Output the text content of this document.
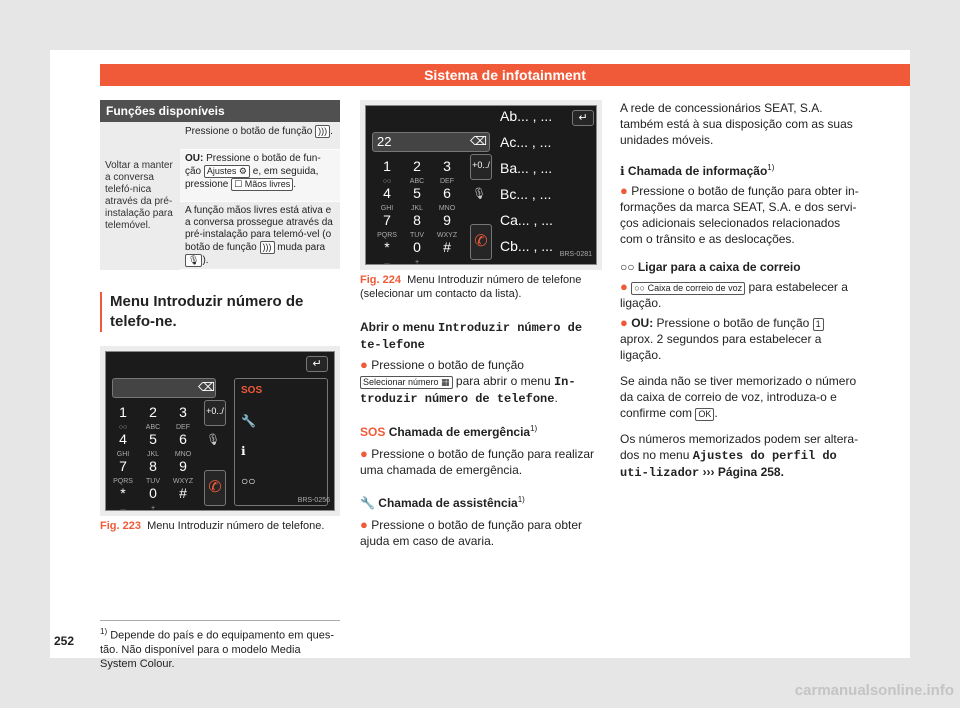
Sistema de infotainment
Funções disponíveis
Voltar a manter a conversa telefó-nica através da pré-instalação para telemóvel.
Pressione o botão de função ))) .
OU: Pressione o botão de fun-ção Ajustes ⚙ e, em seguida, pressione ☐ Mãos livres .
A função mãos livres está ativa e a conversa prossegue através da pré-instalação para telemó-vel (o botão de função ))) muda para 🎙 ).
Menu Introduzir número de telefo-ne.
↵
⌫
+0../
✆
🎙
SOS
🔧
ℹ
○○
BRS-0256
1
○○
2
ABC
3
DEF
4
GHI
5
JKL
6
MNO
7
PQRS
8
TUV
9
WXYZ
*
...
0
+
#
Fig. 223 Menu Introduzir número de telefone.
↵
22	⌫
+0../
✆
🎙
Ab... , ...
Ac... , ...
Ba... , ...
Bc... , ...
Ca... , ...
Cb... , ...
BRS-0281
1
○○
2
ABC
3
DEF
4
GHI
5
JKL
6
MNO
7
PQRS
8
TUV
9
WXYZ
*
...
0
+
#
Fig. 224 Menu Introduzir número de telefone (selecionar um contacto da lista).
Abrir o menu Introduzir número de te-lefone
● Pressione o botão de função Selecionar número ▦ para abrir o menu In-troduzir número de telefone.
SOS Chamada de emergência$^{1)}$
● Pressione o botão de função para realizar uma chamada de emergência.
🔧 Chamada de assistência$^{1)}$
● Pressione o botão de função para obter ajuda em caso de avaria.
A rede de concessionários SEAT, S.A. também está à sua disposição com as suas unidades móveis.
ℹ Chamada de informação$^{1)}$
● Pressione o botão de função para obter in-formações da marca SEAT, S.A. e dos servi-ços adicionais selecionados relacionados com o trânsito e as deslocações.
○○ Ligar para a caixa de correio
● ○○ Caixa de correio de voz para estabelecer a ligação.
● OU: Pressione o botão de função 1 aprox. 2 segundos para estabelecer a ligação.
Se ainda não se tiver memorizado o número da caixa de correio de voz, introduza-o e confirme com OK .
Os números memorizados podem ser altera-dos no menu Ajustes do perfil do uti-lizador ››› Página 258.
$^{1)}$ Depende do país e do equipamento em ques-tão. Não disponível para o modelo Media System Colour.
252
carmanualsonline.info
